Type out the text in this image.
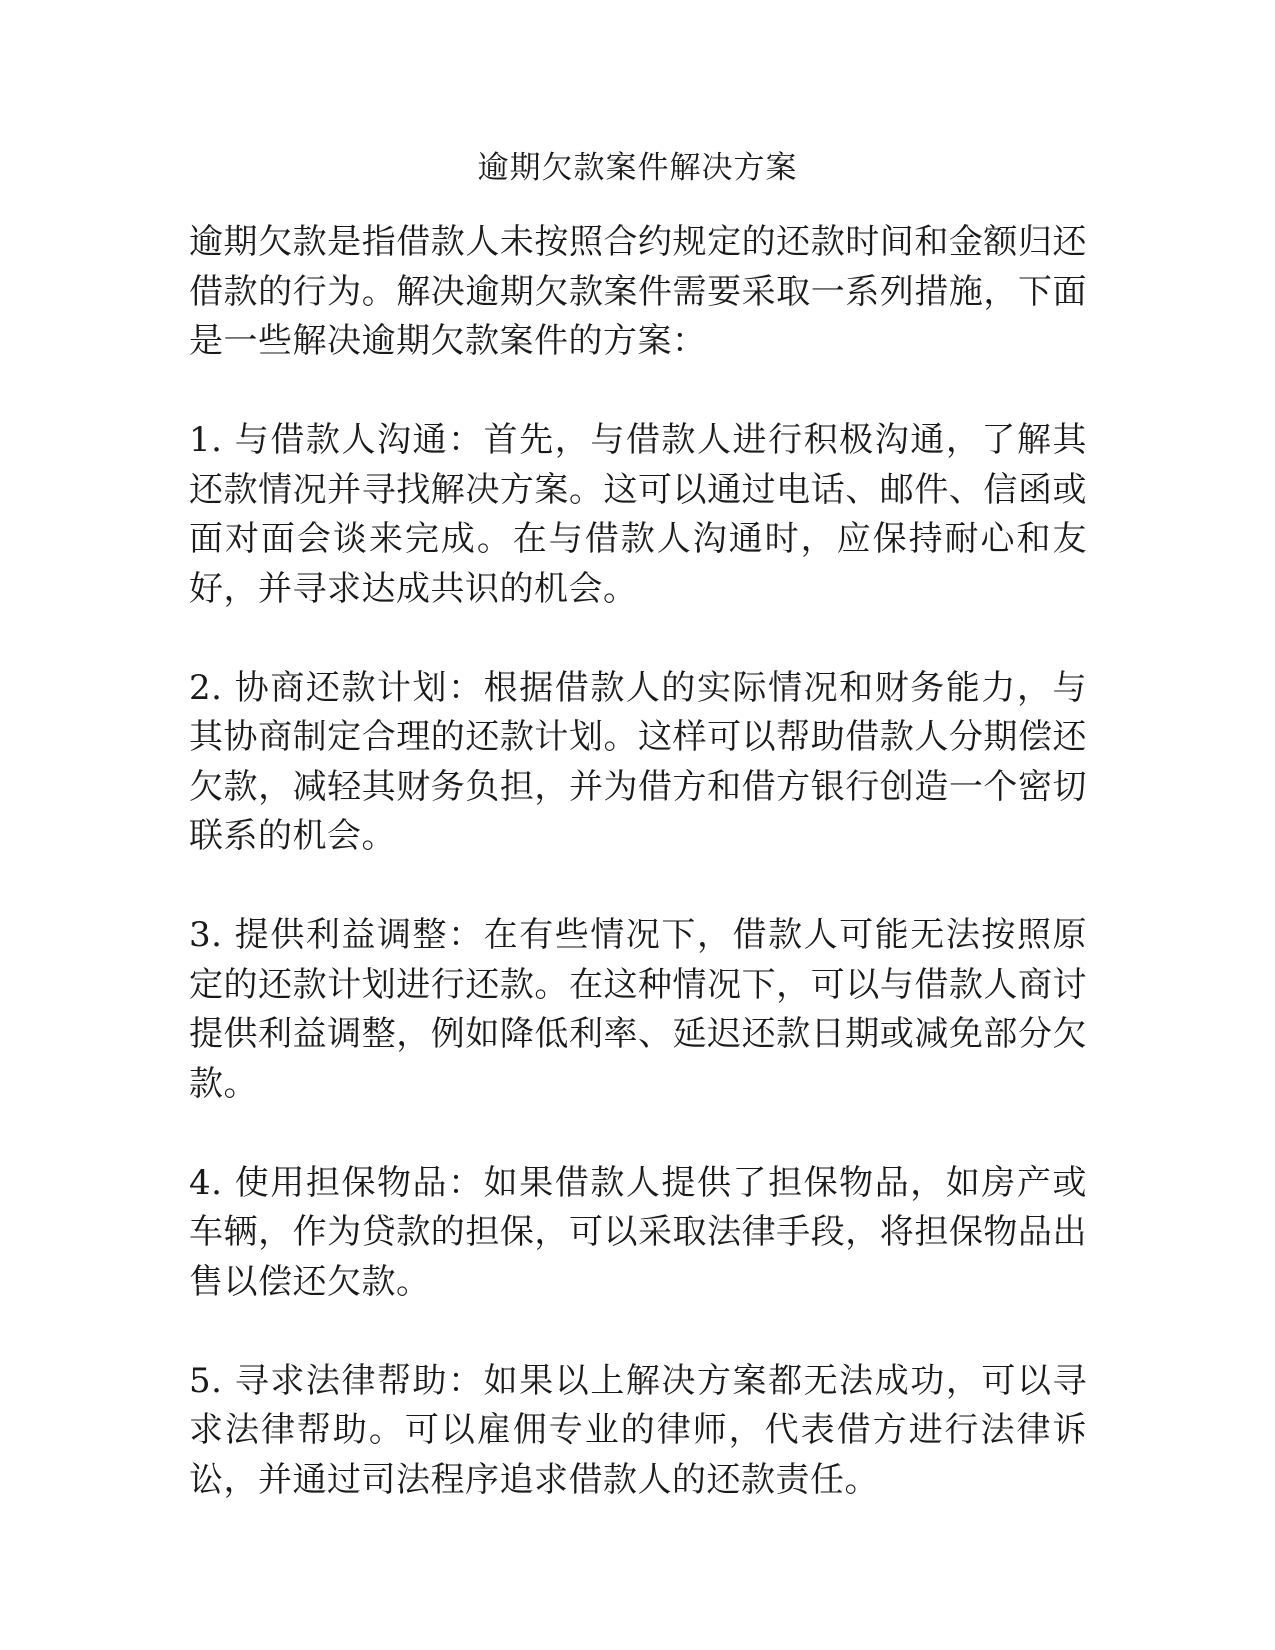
逾期欠款案件解决方案

逾期欠款是指借款人未按照合约规定的还款时间和金额归还借款的行为。解决逾期欠款案件需要采取一系列措施，下面是一些解决逾期欠款案件的方案：

1. 与借款人沟通：首先，与借款人进行积极沟通，了解其还款情况并寻找解决方案。这可以通过电话、邮件、信函或面对面会谈来完成。在与借款人沟通时，应保持耐心和友好，并寻求达成共识的机会。

2. 协商还款计划：根据借款人的实际情况和财务能力，与其协商制定合理的还款计划。这样可以帮助借款人分期偿还欠款，减轻其财务负担，并为借方和借方银行创造一个密切联系的机会。

3. 提供利益调整：在有些情况下，借款人可能无法按照原定的还款计划进行还款。在这种情况下，可以与借款人商讨提供利益调整，例如降低利率、延迟还款日期或减免部分欠款。

4. 使用担保物品：如果借款人提供了担保物品，如房产或车辆，作为贷款的担保，可以采取法律手段，将担保物品出售以偿还欠款。

5. 寻求法律帮助：如果以上解决方案都无法成功，可以寻求法律帮助。可以雇佣专业的律师，代表借方进行法律诉讼，并通过司法程序追求借款人的还款责任。
